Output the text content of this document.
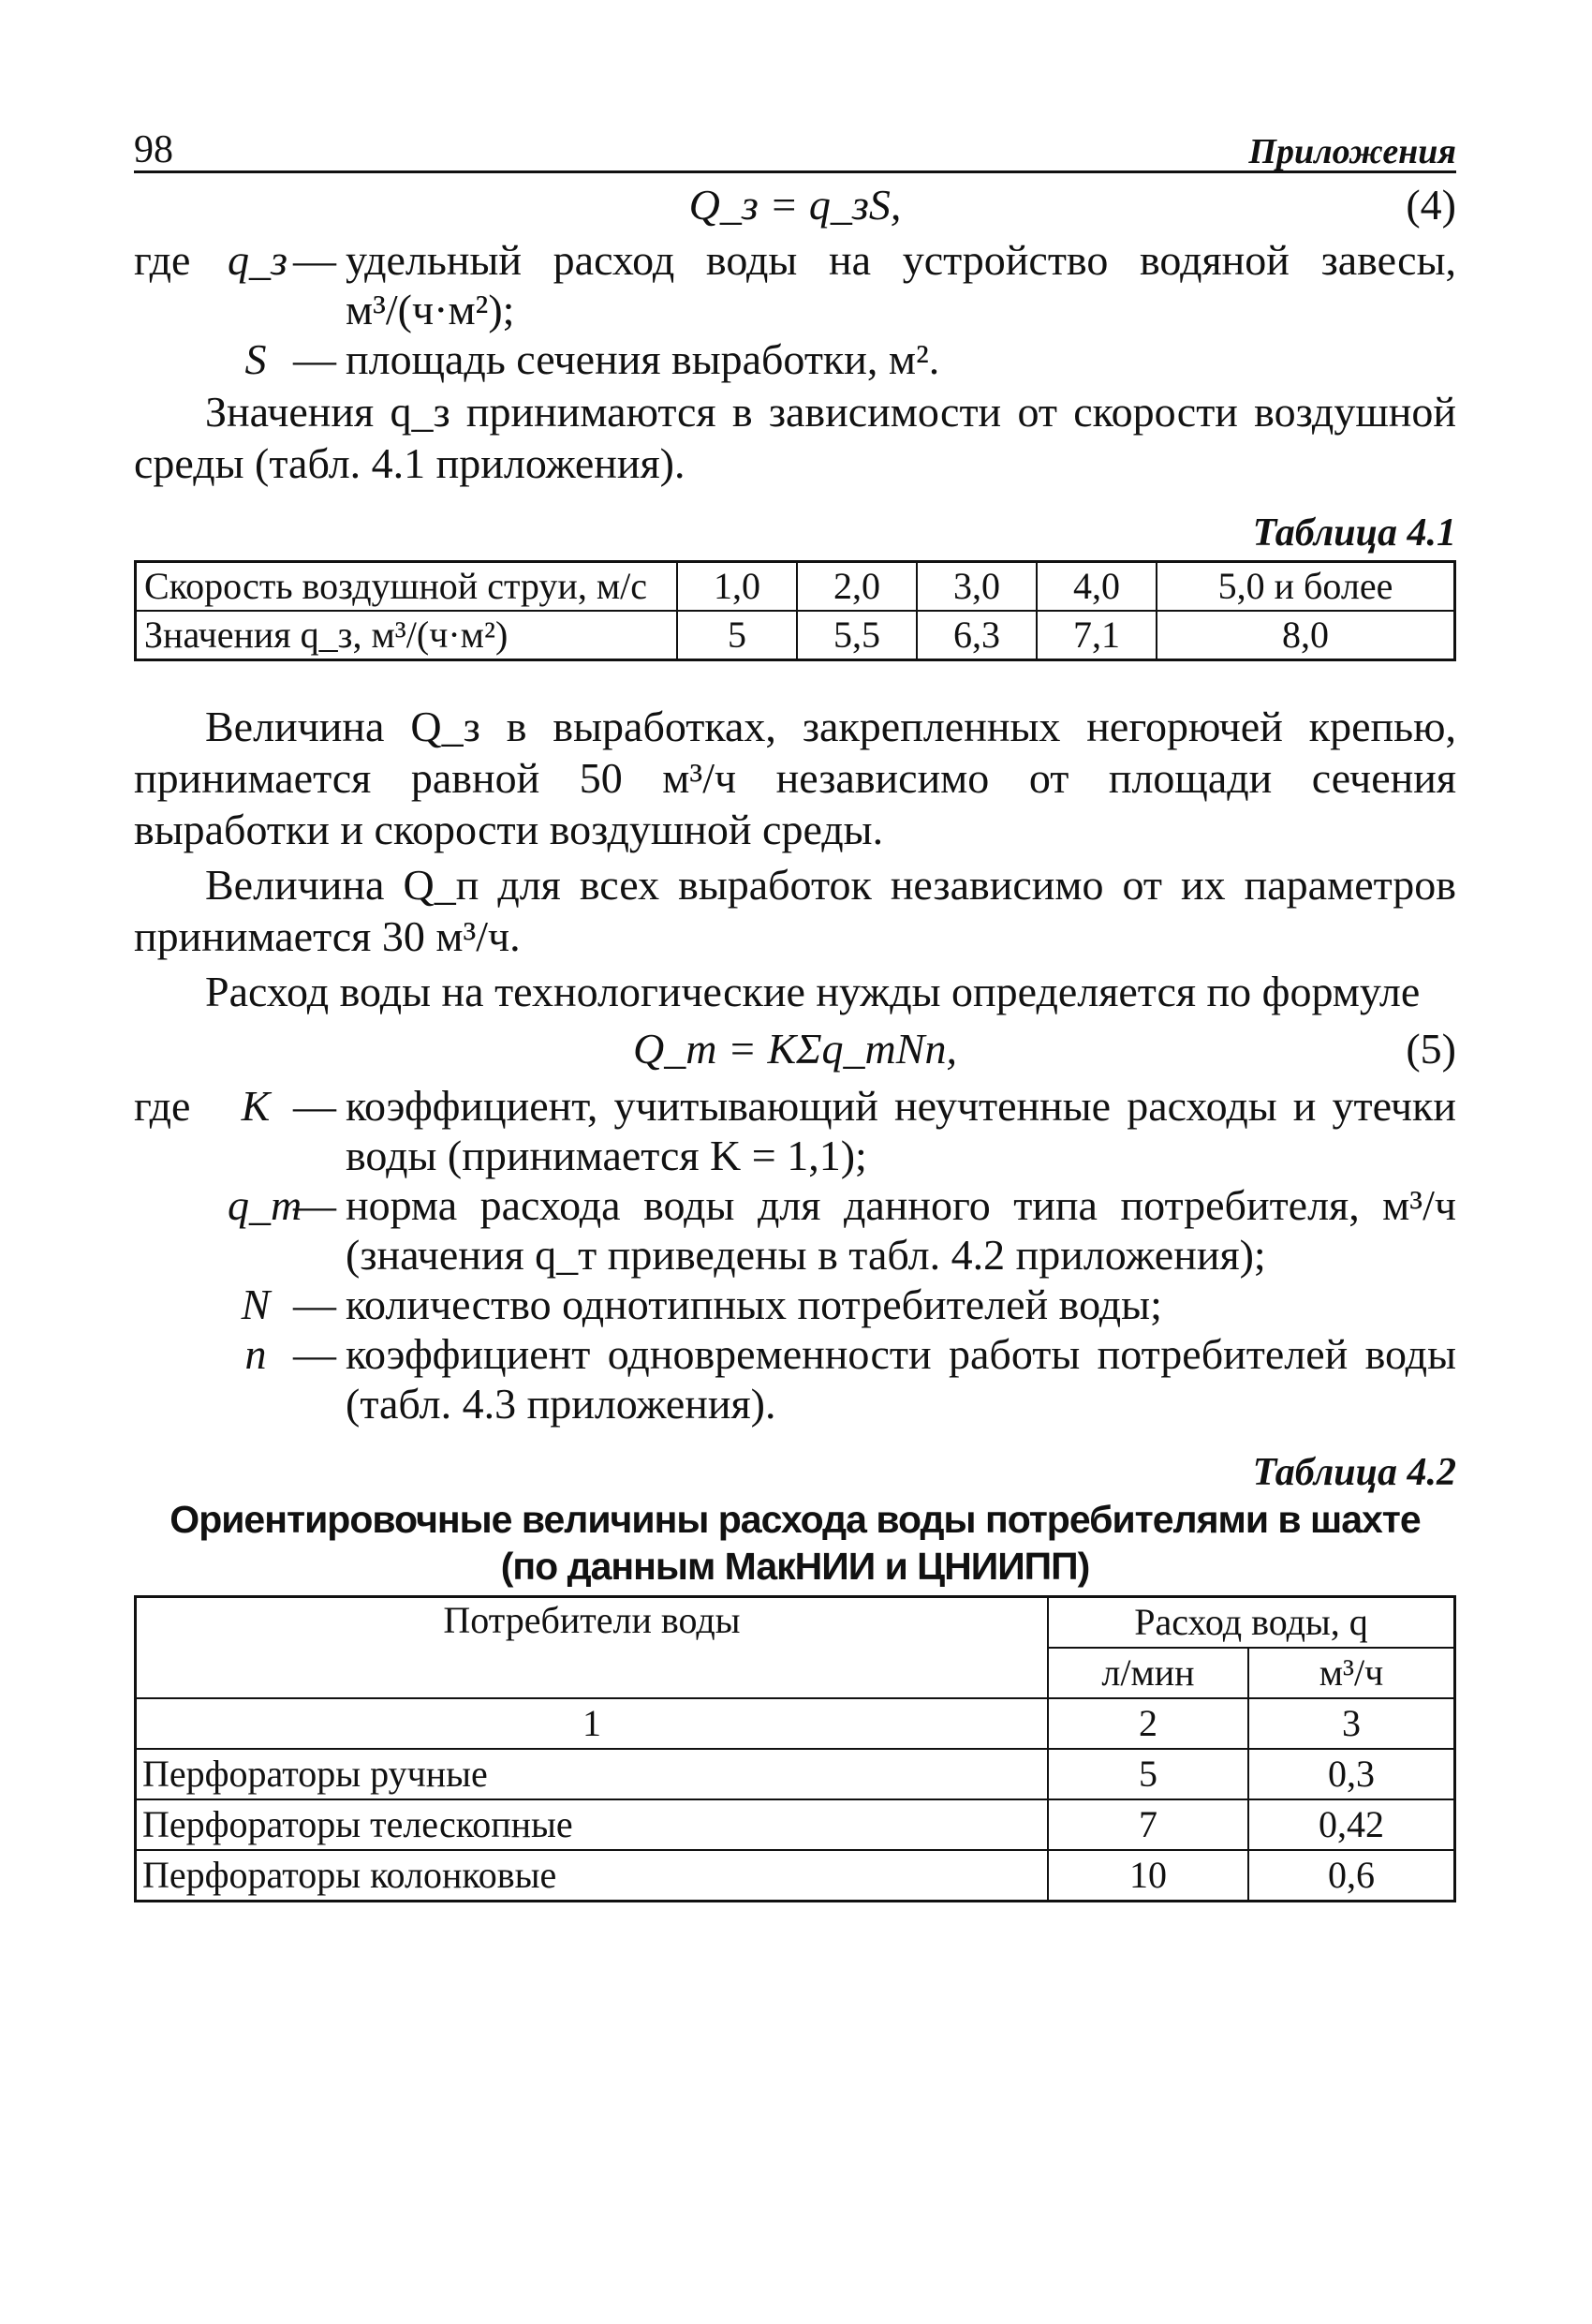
98	Приложения
Q_з = q_зS,	(4)
где q_з — удельный расход воды на устройство водяной завесы, м³/(ч·м²);
S — площадь сечения выработки, м².
Значения q_з принимаются в зависимости от скорости воздушной среды (табл. 4.1 приложения).
Таблица 4.1
Скорость воздушной струи, м/с	1,0	2,0	3,0	4,0	5,0 и более
Значения q_з, м³/(ч·м²)	5	5,5	6,3	7,1	8,0
Величина Q_з в выработках, закрепленных негорючей крепью, принимается равной 50 м³/ч независимо от площади сечения выработки и скорости воздушной среды.
Величина Q_п для всех выработок независимо от их параметров принимается 30 м³/ч.
Расход воды на технологические нужды определяется по формуле
Q_т = KΣq_тNn,	(5)
где	K — коэффициент, учитывающий неучтенные расходы и утечки воды (принимается K = 1,1);
q_т
— норма расхода воды для данного типа потребителя, м³/ч (значения q_т приведены в табл. 4.2 приложения);
N — количество однотипных потребителей воды;
n — коэффициент одновременности работы потребителей воды (табл. 4.3 приложения).
Таблица 4.2
Ориентировочные величины расхода воды потребителями в шахте
(по данным МакНИИ и ЦНИИПП)
Потребители воды	Расход воды, q	
	л/мин	м³/ч
1	2	3
Перфораторы ручные	5	0,3
Перфораторы телескопные	7	0,42
Перфораторы колонковые	10	0,6
